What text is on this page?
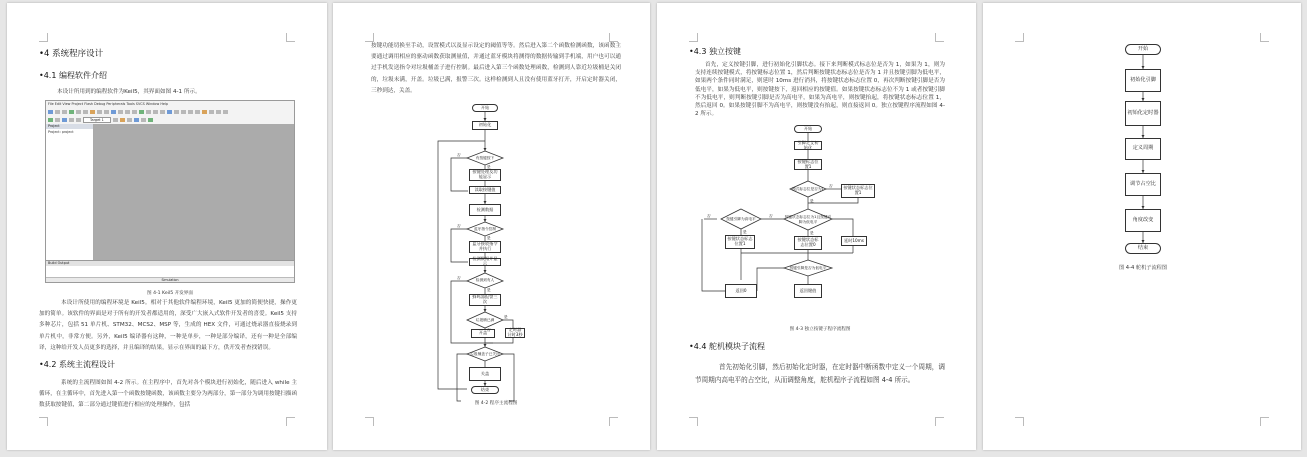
•4 系统程序设计
•4.1 编程软件介绍
本设计所用到的编程软件为Keil5，其界面如图 4-1 所示。
File Edit View Project Flash Debug Peripherals Tools SVCS Window Help
Target 1
Project
Project: project
Build Output
Simulation
图 4-1 Keil5 开发界面
本设计所使用的编程环境是 Keil5。相对于其他软件编程环境，Keil5 更加的简便快捷，操作更加的简单。该软件的界面是对于所有的开发者都适用的，深受广大嵌入式软件开发者的喜爱。Keil5 支持多种芯片，包括 51 单片机、STM32、MCS2、MSP 等，生成的 HEX 文件，可通过烧录器直接烧录到单片机中，非常方便。另外，Keil5 编译器有这种，一种是单步，一种是部分编译，还有一种是全部编译，这种给开发人员更多的选择，并且编译的结果，显示在界面的最下方，供开发者查找错误。
•4.2 系统主流程设计
系统的主流程图如图 4-2 所示。在主程序中，首先对各个模块进行初始化，随后进入 while 主循环，在主循环中，首先进入第一个函数按键函数，该函数主要分为两部分，第一部分为调用按键扫描函数获取按键值，第二部分通过键值进行相应的处理操作，包括
按键功能切换至手动，设置模式以及显示设定的阈值等等。然后进入第二个函数检测函数，该函数主要通过调用相应的驱动函数获取测量值，并通过蓝牙模块将测得的数据传输到手机端，用户也可以通过手机发送指令对垃圾桶盖子进行控制。最后进入第三个函数处理函数，检测到人靠近垃圾桶是关闭的，垃圾未满，开盖。垃圾已满，报警三次。这样检测到人且没有使用蓝牙打开，开启定时器关闭，三秒到达，关盖。
开始
初始化
有按键按下
按键处理及功能显示
读取按键值
检测数据
蓝牙指令控制
蓝牙接收指令并执行
检测数据并显示
检测到有人
蜂鸣器报警三次
垃圾桶已满
开盖
定时器计时3秒
垃圾桶盖子已关闭
关盖
结束
否
是
否
是
否
是
是
否
图 4-2 程序主流程图
•4.3 独立按键
首先，定义按键引脚，进行初始化引脚状态。接下来判断模式标志位是否为 1，如果为 1，则为支持连续按键模式，将按键标志位置 1，然后判断按键状态标志位是否为 1 并且按键引脚为低电平，如果两个条件同时满足，则延时 10ms 进行消抖，将按键状态标志位置 0，再次判断按键引脚是否为低电平，如果为低电平，则按键按下，返回相应的按键值。如果按键状态标志位不为 1 或者按键引脚不为低电平，则判断按键引脚是否为高电平，如果为高电平，则按键抬起，将按键状态标志位置 1，然后返回 0。如果按键引脚不为高电平，则按键没有抬起，则直接返回 0。独立按键程序流程如图 4-2 所示。
开始
引脚定义初始化
按键标志位置1
模式标志位是否为1	按键状态标志位置1
按键状态标志位为1且按键引脚为低电平
按键引脚为高电平
按键状态标志位置0
延时10ms
按键状态标志位置1
按键引脚是否为低电平
返回0	返回键值
否
是
否
是
否
是
图 4-3 独立按键子程序流程图
•4.4 舵机模块子流程
首先初始化引脚，然后初始化定时器，在定时器中断函数中定义一个周期，调节周期内高电平的占空比，从而调整角度，舵机程序子流程如图 4-4 所示。
开始
初始化引脚
初始化定时器
定义周期
调节占空比
角度改变
结束
图 4-4 舵机子流程图
